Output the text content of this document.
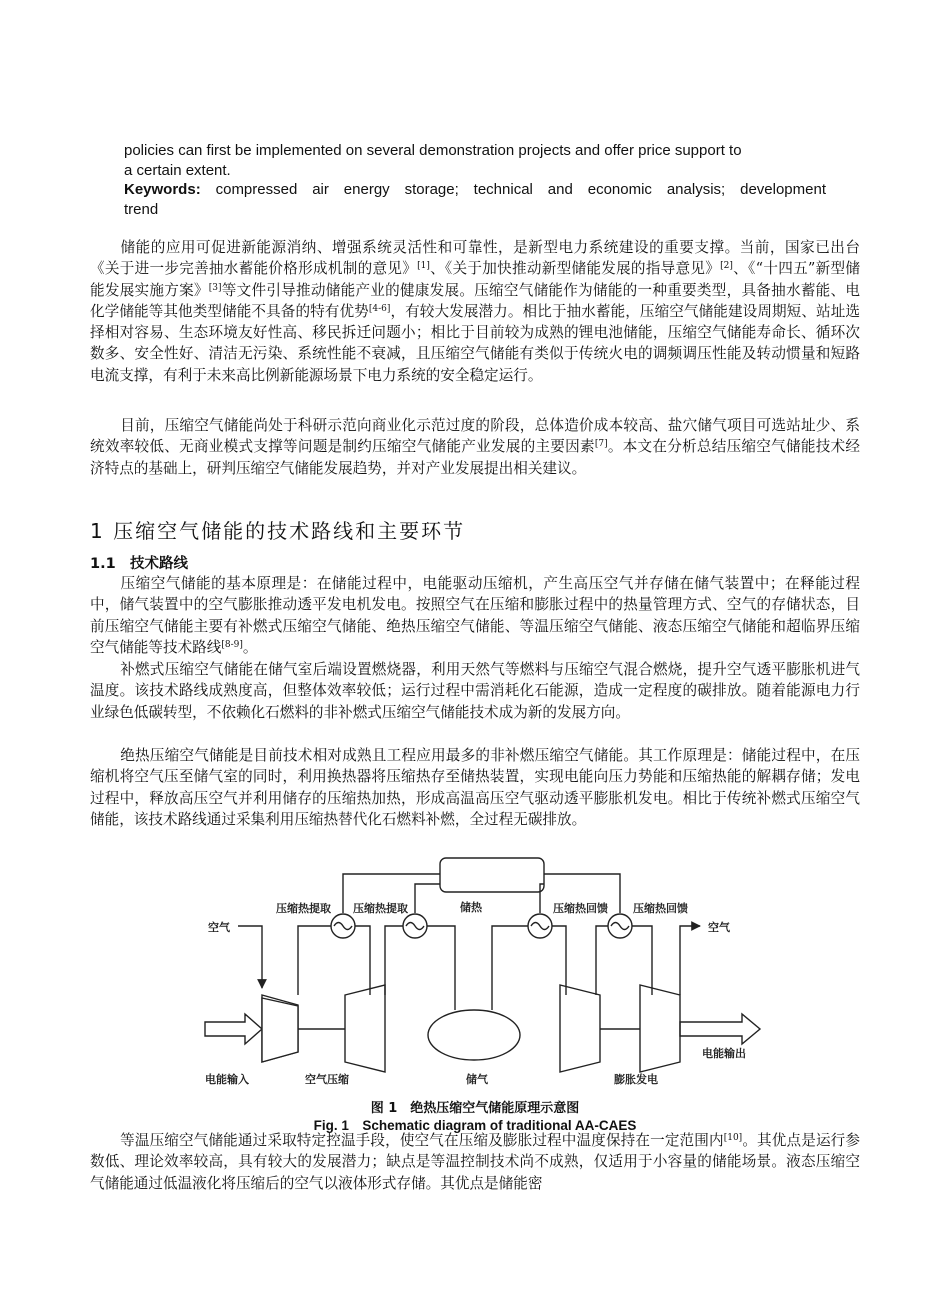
policies can first be implemented on several demonstration projects and offer price support to
a certain extent.
Keywords: compressed air energy storage; technical and economic analysis; development
trend
储能的应用可促进新能源消纳、增强系统灵活性和可靠性，是新型电力系统建设的重要支撑。当前，国家已出台《关于进一步完善抽水蓄能价格形成机制的意见》[1]、《关于加快推动新型储能发展的指导意见》[2]、《“十四五”新型储能发展实施方案》[3]等文件引导推动储能产业的健康发展。压缩空气储能作为储能的一种重要类型，具备抽水蓄能、电化学储能等其他类型储能不具备的特有优势[4-6]，有较大发展潜力。相比于抽水蓄能，压缩空气储能建设周期短、站址选择相对容易、生态环境友好性高、移民拆迁问题小；相比于目前较为成熟的锂电池储能，压缩空气储能寿命长、循环次数多、安全性好、清洁无污染、系统性能不衰减，且压缩空气储能有类似于传统火电的调频调压性能及转动惯量和短路电流支撑，有利于未来高比例新能源场景下电力系统的安全稳定运行。
目前，压缩空气储能尚处于科研示范向商业化示范过度的阶段，总体造价成本较高、盐穴储气项目可选站址少、系统效率较低、无商业模式支撑等问题是制约压缩空气储能产业发展的主要因素[7]。本文在分析总结压缩空气储能技术经济特点的基础上，研判压缩空气储能发展趋势，并对产业发展提出相关建议。
1 压缩空气储能的技术路线和主要环节
1.1 技术路线
压缩空气储能的基本原理是：在储能过程中，电能驱动压缩机，产生高压空气并存储在储气装置中；在释能过程中，储气装置中的空气膨胀推动透平发电机发电。按照空气在压缩和膨胀过程中的热量管理方式、空气的存储状态，目前压缩空气储能主要有补燃式压缩空气储能、绝热压缩空气储能、等温压缩空气储能、液态压缩空气储能和超临界压缩空气储能等技术路线[8-9]。
补燃式压缩空气储能在储气室后端设置燃烧器，利用天然气等燃料与压缩空气混合燃烧，提升空气透平膨胀机进气温度。该技术路线成熟度高，但整体效率较低；运行过程中需消耗化石能源，造成一定程度的碳排放。随着能源电力行业绿色低碳转型，不依赖化石燃料的非补燃式压缩空气储能技术成为新的发展方向。
绝热压缩空气储能是目前技术相对成熟且工程应用最多的非补燃压缩空气储能。其工作原理是：储能过程中，在压缩机将空气压至储气室的同时，利用换热器将压缩热存至储热装置，实现电能向压力势能和压缩热能的解耦存储；发电过程中，释放高压空气并利用储存的压缩热加热，形成高温高压空气驱动透平膨胀机发电。相比于传统补燃式压缩空气储能，该技术路线通过采集利用压缩热替代化石燃料补燃，全过程无碳排放。
空气
压缩热提取 压缩热提取	储热	压缩热回馈 压缩热回馈
空气
电能输入	空气压缩	储气	膨胀发电
电能输出
图 1　绝热压缩空气储能原理示意图
Fig. 1　Schematic diagram of traditional AA-CAES
等温压缩空气储能通过采取特定控温手段，使空气在压缩及膨胀过程中温度保持在一定范围内[10]。其优点是运行参数低、理论效率较高，具有较大的发展潜力；缺点是等温控制技术尚不成熟，仅适用于小容量的储能场景。液态压缩空气储能通过低温液化将压缩后的空气以液体形式存储。其优点是储能密
